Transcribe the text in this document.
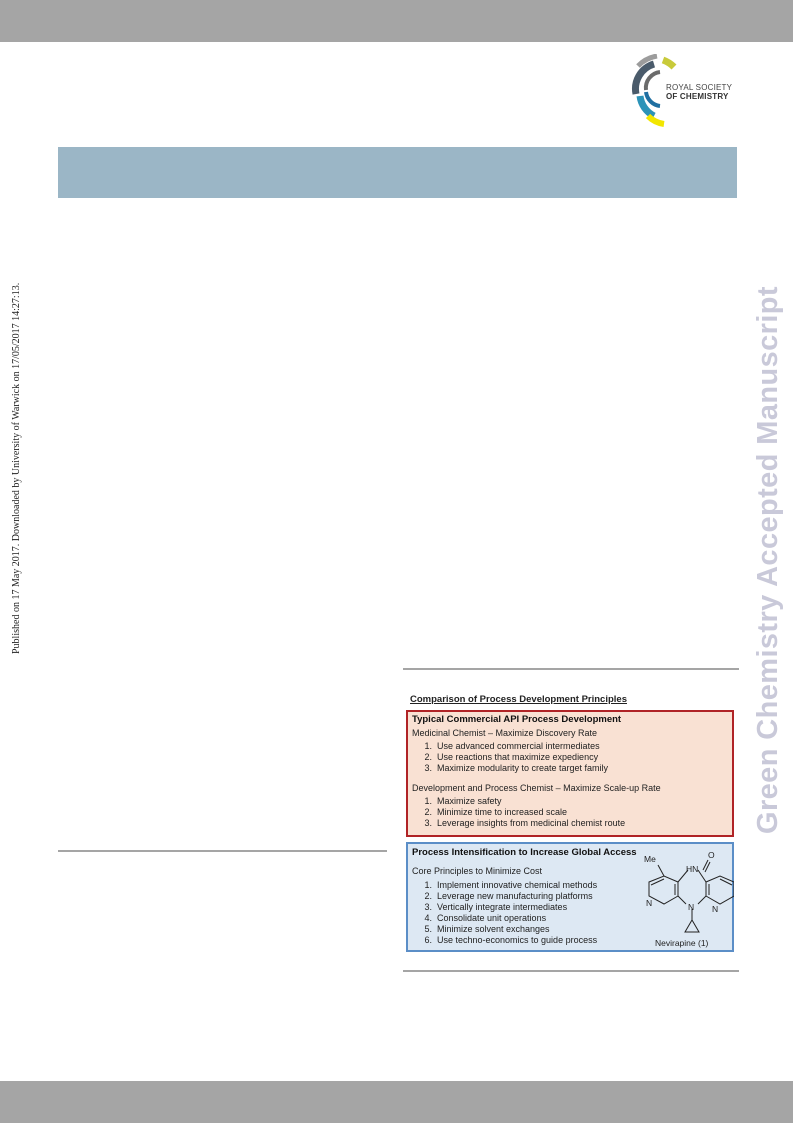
ROYAL SOCIETY
OF CHEMISTRY
Published on 17 May 2017. Downloaded by University of Warwick on 17/05/2017 14:27:13.	Green Chemistry Accepted Manuscript
Comparison of Process Development Principles
Typical Commercial API Process Development
Medicinal Chemist – Maximize Discovery Rate
1. Use advanced commercial intermediates
2. Use reactions that maximize expediency
3. Maximize modularity to create target family
Development and Process Chemist – Maximize Scale-up Rate
1. Maximize safety
2. Minimize time to increased scale
3. Leverage insights from medicinal chemist route
Process Intensification to Increase Global Access
Core Principles to Minimize Cost
1. Implement innovative chemical methods
2. Leverage new manufacturing platforms
3. Vertically integrate intermediates
4. Consolidate unit operations
5. Minimize solvent exchanges
6. Use techno-economics to guide process
Me
HN
O
N
N
N
Nevirapine (1)
